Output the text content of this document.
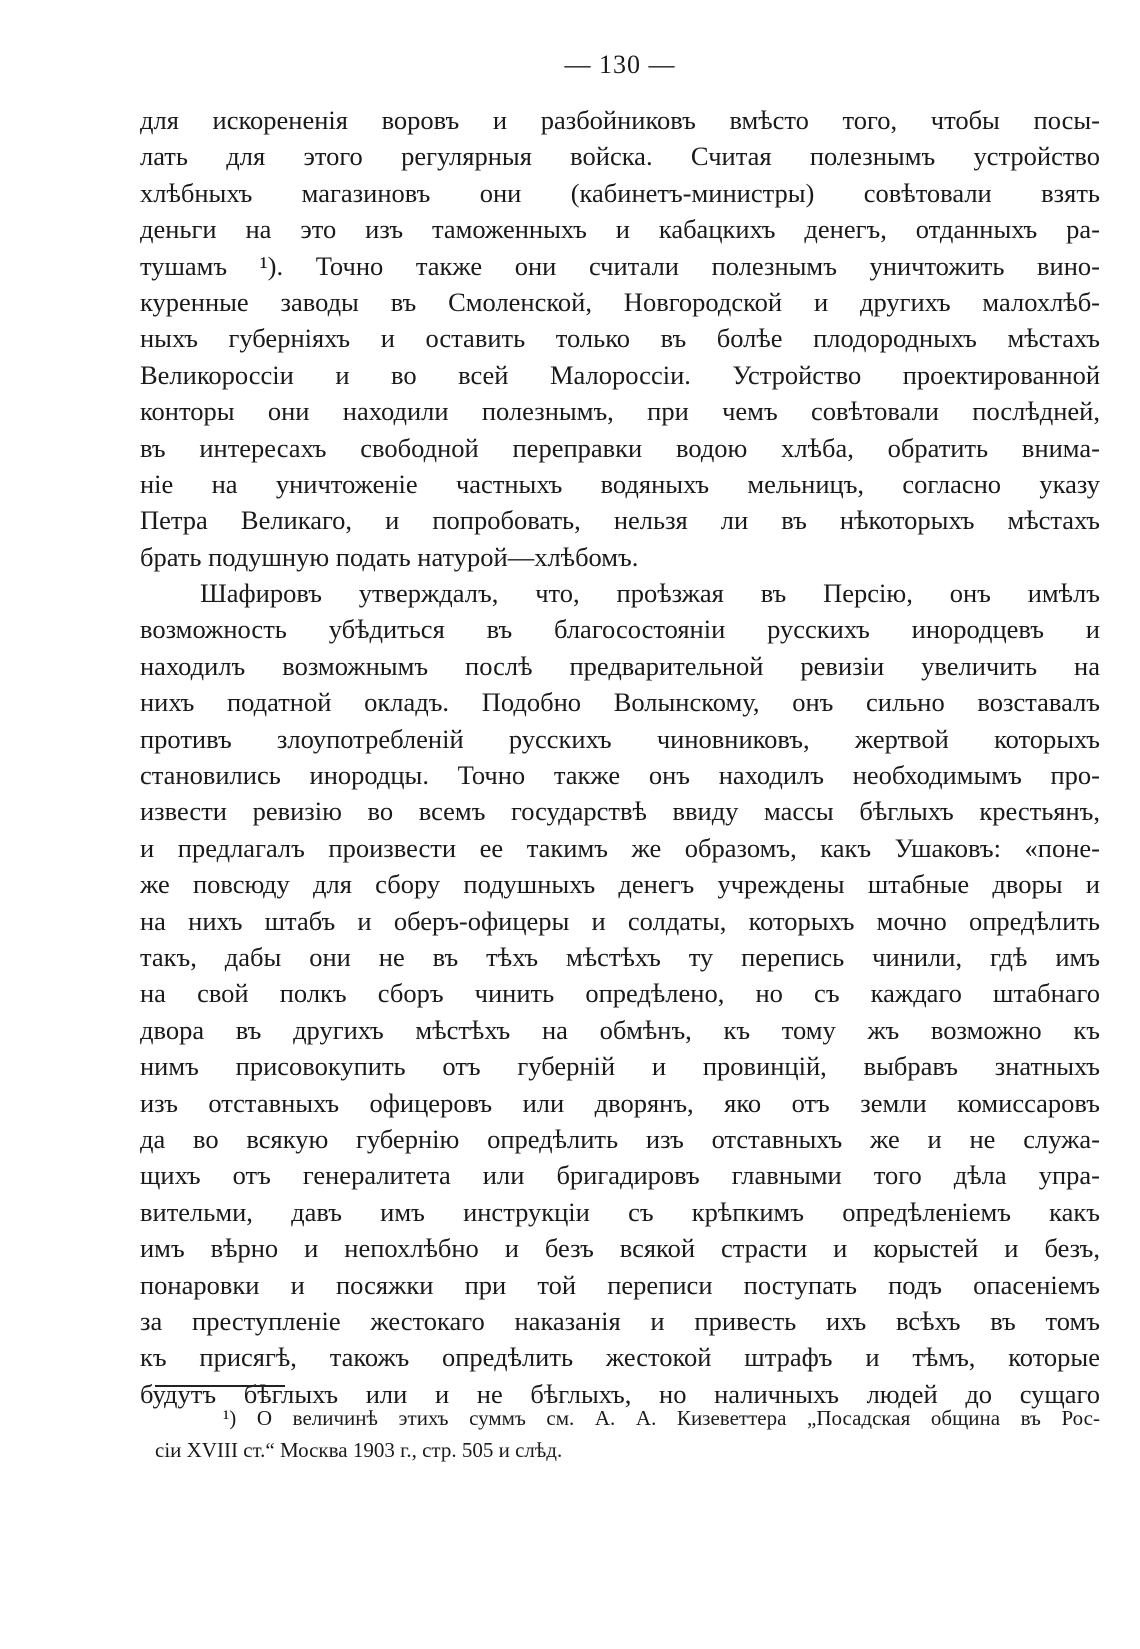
— 130 —
для искорененія воровъ и разбойниковъ вмѣсто того, чтобы посы-
лать для этого регулярныя войска. Считая полезнымъ устройство
хлѣбныхъ магазиновъ они (кабинетъ-министры) совѣтовали взять
деньги на это изъ таможенныхъ и кабацкихъ денегъ, отданныхъ ра-
тушамъ ¹). Точно также они считали полезнымъ уничтожить вино-
куренные заводы въ Смоленской, Новгородской и другихъ малохлѣб-
ныхъ губерніяхъ и оставить только въ болѣе плодородныхъ мѣстахъ
Великороссіи и во всей Малороссіи. Устройство проектированной
конторы они находили полезнымъ, при чемъ совѣтовали послѣдней,
въ интересахъ свободной переправки водою хлѣба, обратить внима-
ніе на уничтоженіе частныхъ водяныхъ мельницъ, согласно указу
Петра Великаго, и попробовать, нельзя ли въ нѣкоторыхъ мѣстахъ
брать подушную подать натурой—хлѣбомъ.
Шафировъ утверждалъ, что, проѣзжая въ Персію, онъ имѣлъ
возможность убѣдиться въ благосостояніи русскихъ инородцевъ и
находилъ возможнымъ послѣ предварительной ревизіи увеличить на
нихъ податной окладъ. Подобно Волынскому, онъ сильно возставалъ
противъ злоупотребленій русскихъ чиновниковъ, жертвой которыхъ
становились инородцы. Точно также онъ находилъ необходимымъ про-
извести ревизію во всемъ государствѣ ввиду массы бѣглыхъ крестьянъ,
и предлагалъ произвести ее такимъ же образомъ, какъ Ушаковъ: «поне-
же повсюду для сбору подушныхъ денегъ учреждены штабные дворы и
на нихъ штабъ и оберъ-офицеры и солдаты, которыхъ мочно опредѣлить
такъ, дабы они не въ тѣхъ мѣстѣхъ ту перепись чинили, гдѣ имъ
на свой полкъ сборъ чинить опредѣлено, но съ каждаго штабнаго
двора въ другихъ мѣстѣхъ на обмѣнъ, къ тому жъ возможно къ
нимъ присовокупить отъ губерній и провинцій, выбравъ знатныхъ
изъ отставныхъ офицеровъ или дворянъ, яко отъ земли комиссаровъ
да во всякую губернію опредѣлить изъ отставныхъ же и не служа-
щихъ отъ генералитета или бригадировъ главными того дѣла упра-
вительми, давъ имъ инструкціи съ крѣпкимъ опредѣленіемъ какъ
имъ вѣрно и непохлѣбно и безъ всякой страсти и корыстей и безъ,
понаровки и посяжки при той переписи поступать подъ опасеніемъ
за преступленіе жестокаго наказанія и привесть ихъ всѣхъ въ томъ
къ присягѣ, такожъ опредѣлить жестокой штрафъ и тѣмъ, которые
будутъ бѣглыхъ или и не бѣглыхъ, но наличныхъ людей до сущаго
¹) О величинѣ этихъ суммъ см. А. А. Кизеветтера „Посадская община въ Рос-
сіи XVIII ст.“ Москва 1903 г., стр. 505 и слѣд.
